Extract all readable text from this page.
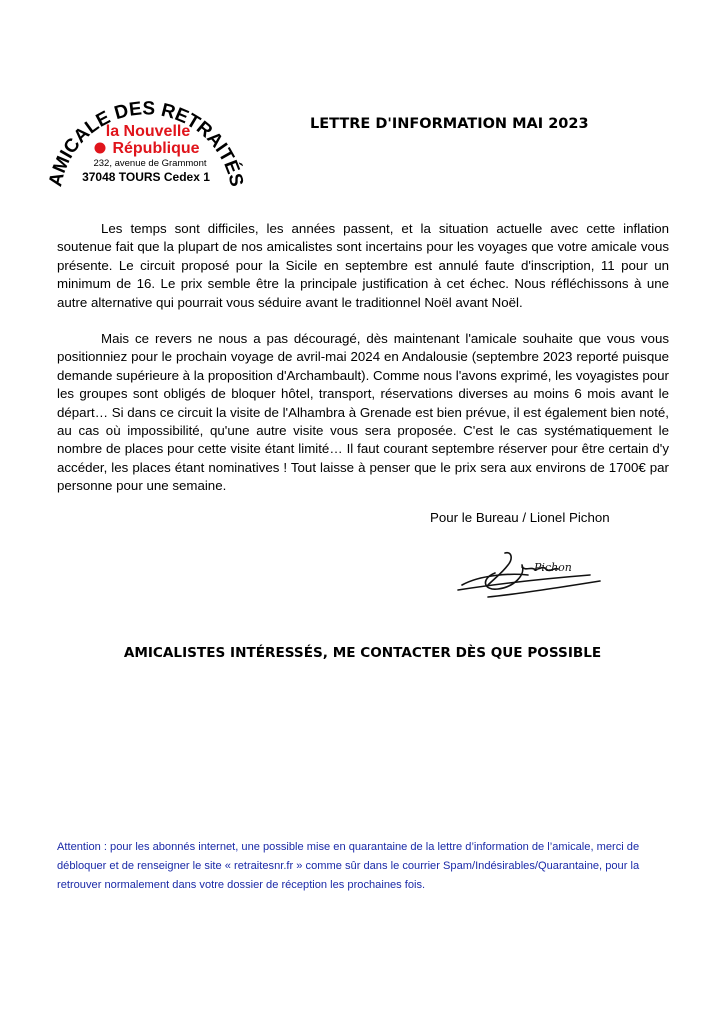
AMICALE DES RETRAITÉS
la Nouvelle
République
232, avenue de Grammont
37048 TOURS Cedex 1
LETTRE D'INFORMATION MAI 2023

Les temps sont difficiles, les années passent, et la situation actuelle avec cette inflation soutenue fait que la plupart de nos amicalistes sont incertains pour les voyages que votre amicale vous présente. Le circuit proposé pour la Sicile en septembre est annulé faute d'inscription, 11 pour un minimum de 16. Le prix semble être la principale justification à cet échec. Nous réfléchissons à une autre alternative qui pourrait vous séduire avant le traditionnel Noël avant Noël.

Mais ce revers ne nous a pas découragé, dès maintenant l'amicale souhaite que vous vous positionniez pour le prochain voyage de avril-mai 2024 en Andalousie (septembre 2023 reporté puisque demande supérieure à la proposition d'Archambault). Comme nous l'avons exprimé, les voyagistes pour les groupes sont obligés de bloquer hôtel, transport, réservations diverses au moins 6 mois avant le départ… Si dans ce circuit la visite de l'Alhambra à Grenade est bien prévue, il est également bien noté, au cas où impossibilité, qu'une autre visite vous sera proposée. C'est le cas systématiquement le nombre de places pour cette visite étant limité… Il faut courant septembre réserver pour être certain d'y accéder, les places étant nominatives ! Tout laisse à penser que le prix sera aux environs de 1700€ par personne pour une semaine.

Pour le Bureau / Lionel Pichon
Pichon
AMICALISTES INTÉRESSÉS, ME CONTACTER DÈS QUE POSSIBLE

Attention : pour les abonnés internet, une possible mise en quarantaine de la lettre d’information de l’amicale, merci de débloquer et de renseigner le site « retraitesnr.fr » comme sûr dans le courrier Spam/Indésirables/Quarantaine, pour la retrouver normalement dans votre dossier de réception les prochaines fois.
